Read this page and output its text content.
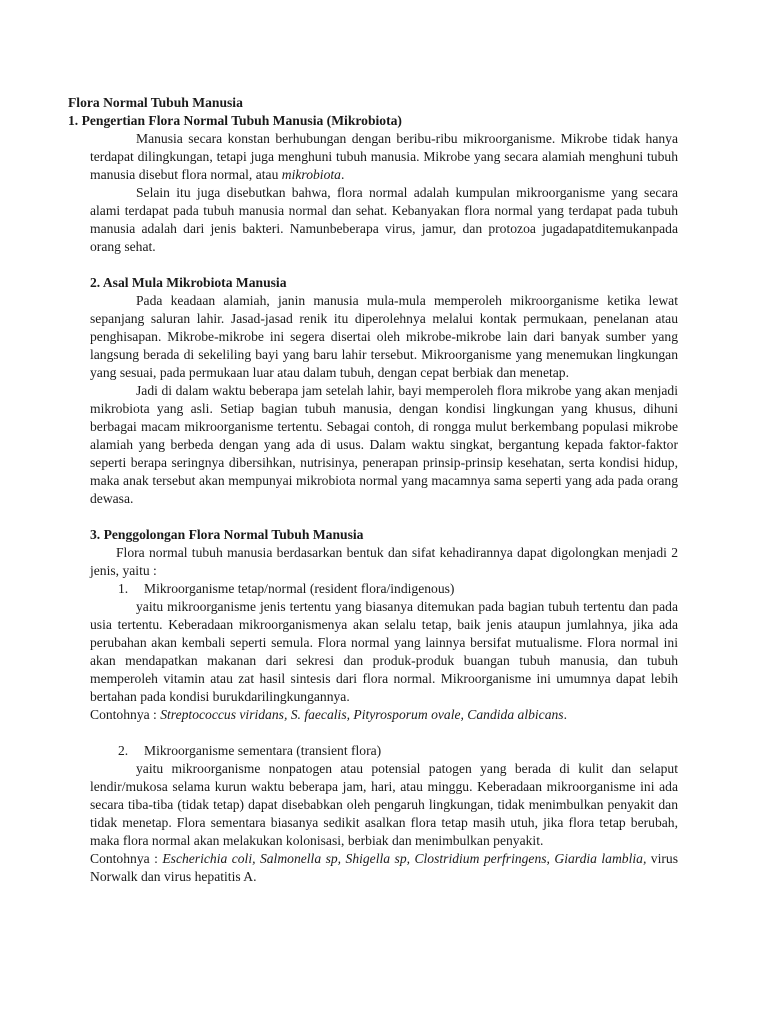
Flora Normal Tubuh Manusia

1. Pengertian Flora Normal Tubuh Manusia (Mikrobiota)

Manusia secara konstan berhubungan dengan beribu-ribu mikroorganisme. Mikrobe tidak hanya terdapat dilingkungan, tetapi juga menghuni tubuh manusia. Mikrobe yang secara alamiah menghuni tubuh manusia disebut flora normal, atau mikrobiota.

Selain itu juga disebutkan bahwa, flora normal adalah kumpulan mikroorganisme yang secara alami terdapat pada tubuh manusia normal dan sehat. Kebanyakan flora normal yang terdapat pada tubuh manusia adalah dari jenis bakteri. Namunbeberapa virus, jamur, dan protozoa jugadapatditemukanpada orang sehat.

2. Asal Mula Mikrobiota Manusia

Pada keadaan alamiah, janin manusia mula-mula memperoleh mikroorganisme ketika lewat sepanjang saluran lahir. Jasad-jasad renik itu diperolehnya melalui kontak permukaan, penelanan atau penghisapan. Mikrobe-mikrobe ini segera disertai oleh mikrobe-mikrobe lain dari banyak sumber yang langsung berada di sekeliling bayi yang baru lahir tersebut. Mikroorganisme yang menemukan lingkungan yang sesuai, pada permukaan luar atau dalam tubuh, dengan cepat berbiak dan menetap.

Jadi di dalam waktu beberapa jam setelah lahir, bayi memperoleh flora mikrobe yang akan menjadi mikrobiota yang asli. Setiap bagian tubuh manusia, dengan kondisi lingkungan yang khusus, dihuni berbagai macam mikroorganisme tertentu. Sebagai contoh, di rongga mulut berkembang populasi mikrobe alamiah yang berbeda dengan yang ada di usus. Dalam waktu singkat, bergantung kepada faktor-faktor seperti berapa seringnya dibersihkan, nutrisinya, penerapan prinsip-prinsip kesehatan, serta kondisi hidup, maka anak tersebut akan mempunyai mikrobiota normal yang macamnya sama seperti yang ada pada orang dewasa.

3. Penggolongan Flora Normal Tubuh Manusia

Flora normal tubuh manusia berdasarkan bentuk dan sifat kehadirannya dapat digolongkan menjadi 2 jenis, yaitu :

1. Mikroorganisme tetap/normal (resident flora/indigenous)

yaitu mikroorganisme jenis tertentu yang biasanya ditemukan pada bagian tubuh tertentu dan pada usia tertentu. Keberadaan mikroorganismenya akan selalu tetap, baik jenis ataupun jumlahnya, jika ada perubahan akan kembali seperti semula. Flora normal yang lainnya bersifat mutualisme. Flora normal ini akan mendapatkan makanan dari sekresi dan produk-produk buangan tubuh manusia, dan tubuh memperoleh vitamin atau zat hasil sintesis dari flora normal. Mikroorganisme ini umumnya dapat lebih bertahan pada kondisi burukdarilingkungannya.

Contohnya : Streptococcus viridans, S. faecalis, Pityrosporum ovale, Candida albicans.

2. Mikroorganisme sementara (transient flora)

yaitu mikroorganisme nonpatogen atau potensial patogen yang berada di kulit dan selaput lendir/mukosa selama kurun waktu beberapa jam, hari, atau minggu. Keberadaan mikroorganisme ini ada secara tiba-tiba (tidak tetap) dapat disebabkan oleh pengaruh lingkungan, tidak menimbulkan penyakit dan tidak menetap. Flora sementara biasanya sedikit asalkan flora tetap masih utuh, jika flora tetap berubah, maka flora normal akan melakukan kolonisasi, berbiak dan menimbulkan penyakit.

Contohnya : Escherichia coli, Salmonella sp, Shigella sp, Clostridium perfringens, Giardia lamblia, virus Norwalk dan virus hepatitis A.
